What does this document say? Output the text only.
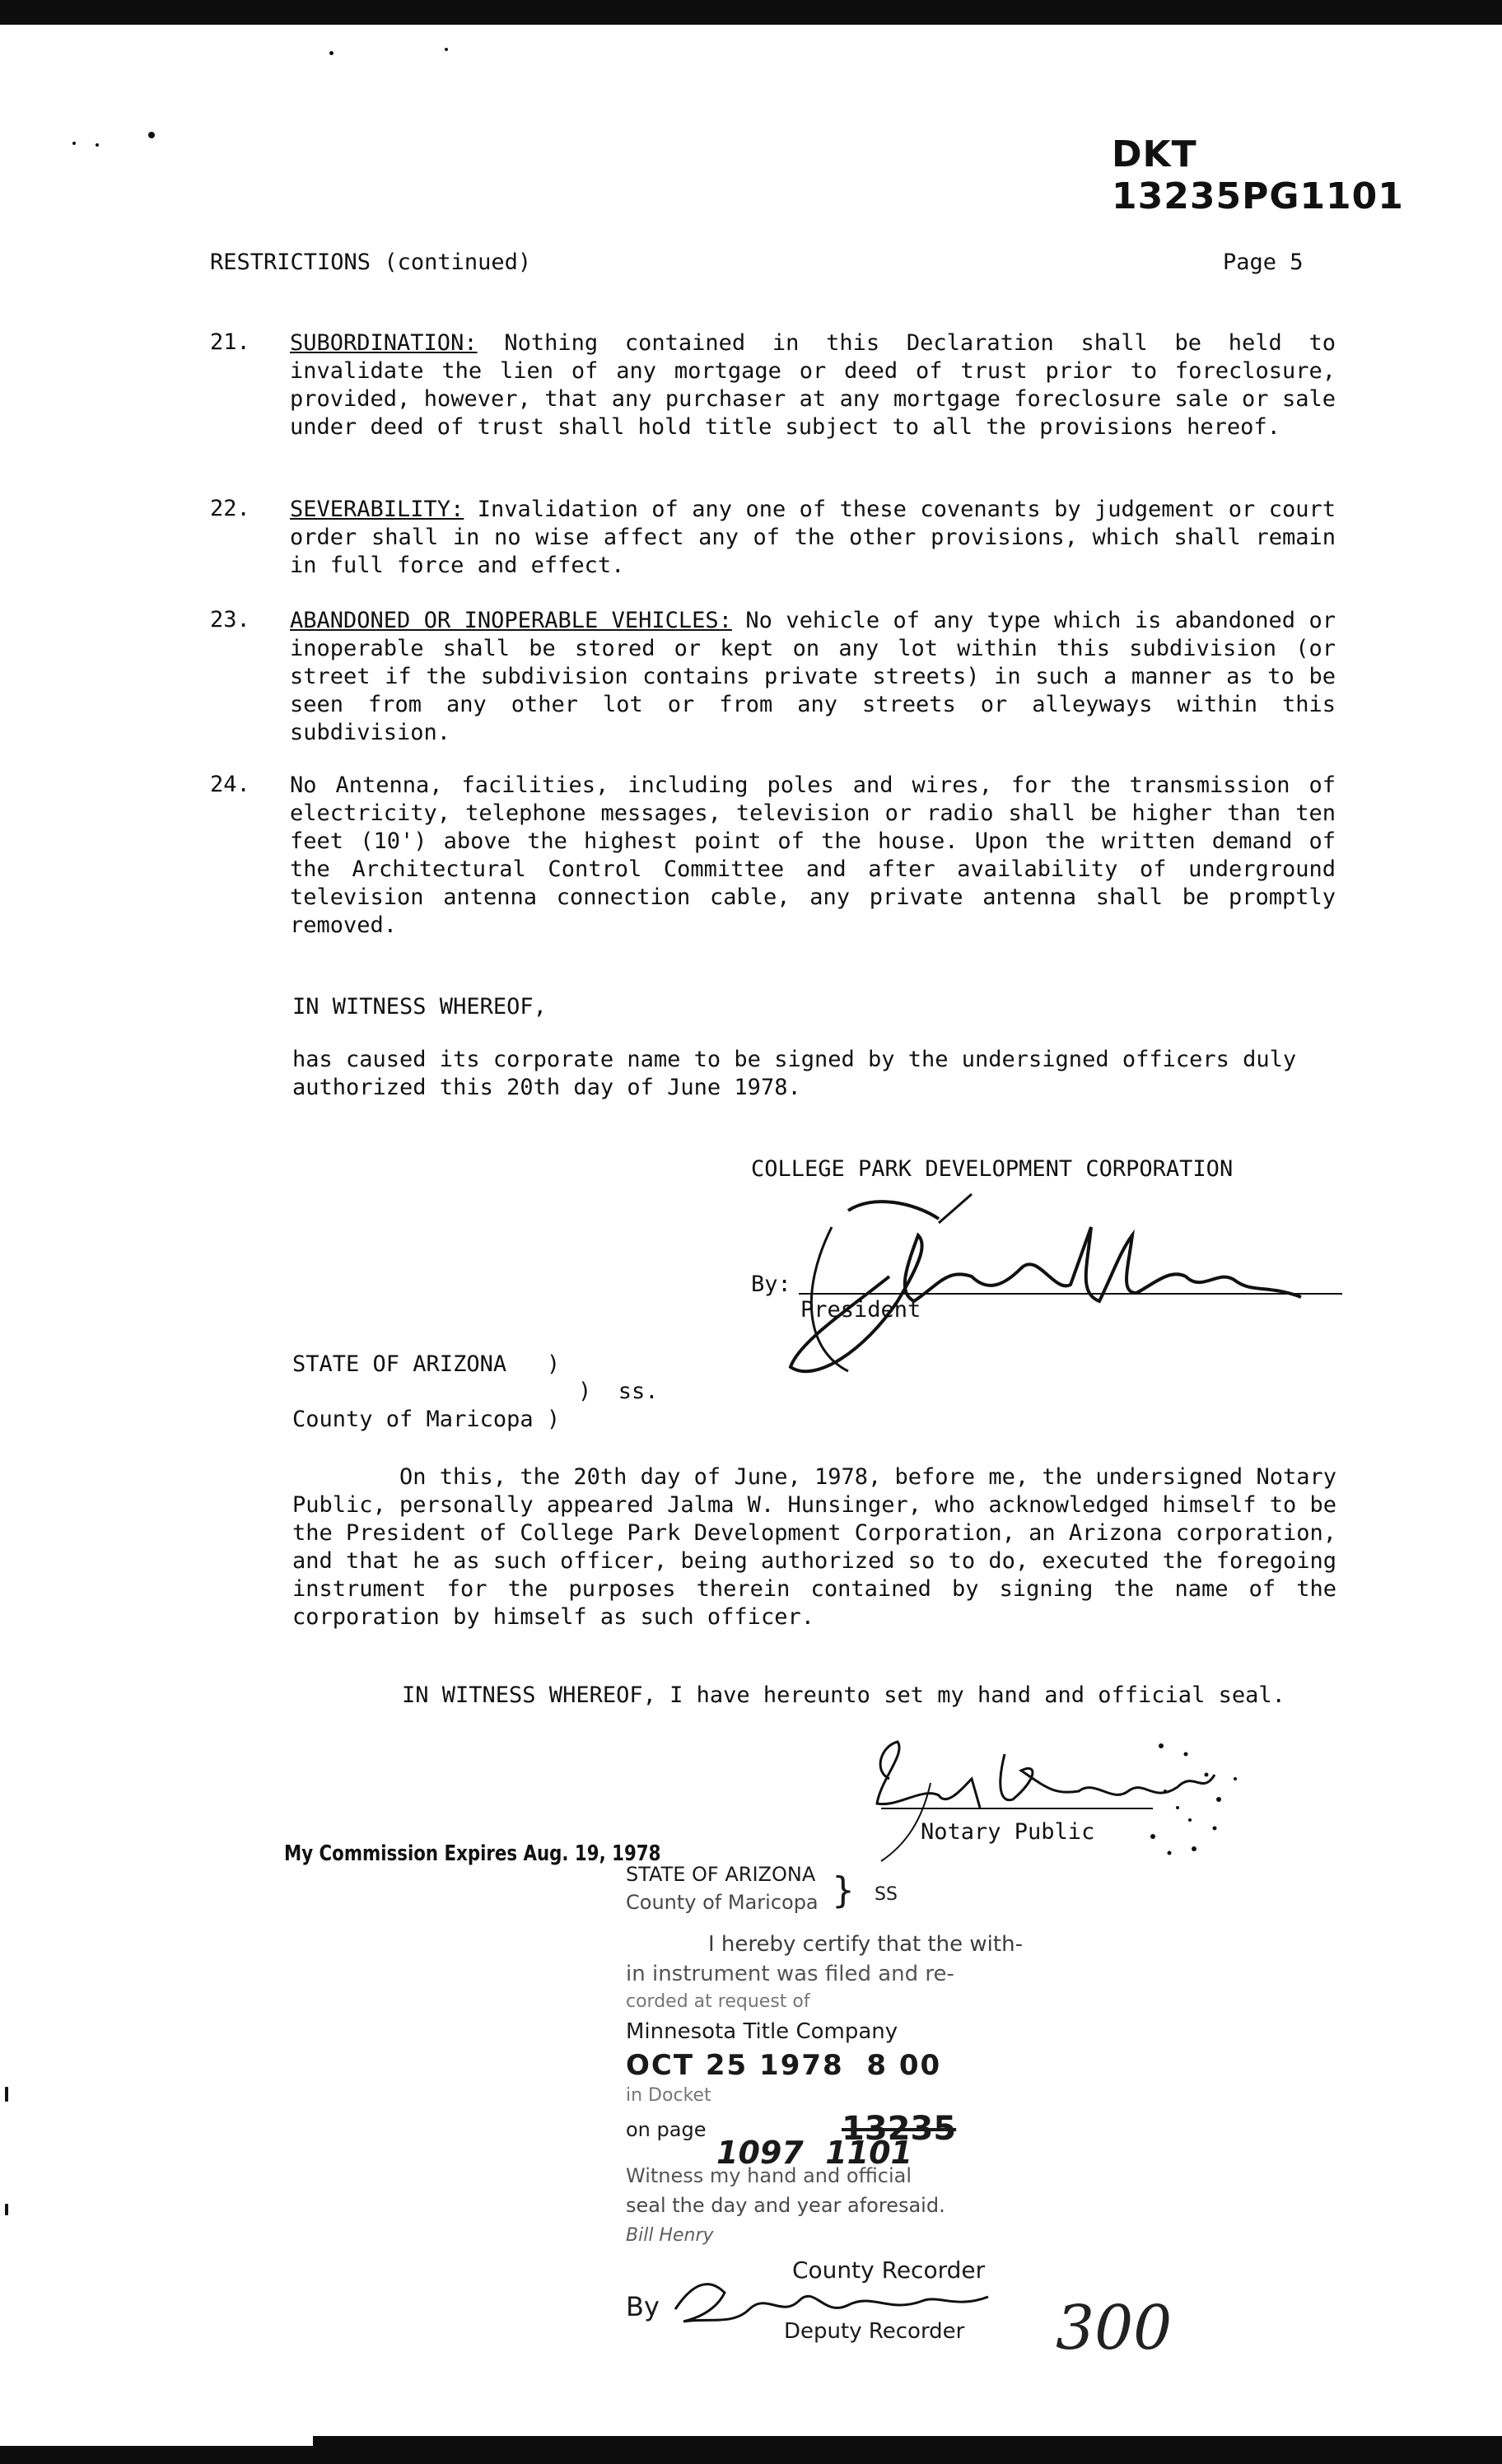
DKT 13235PG1101
RESTRICTIONS (continued)	Page 5
21. SUBORDINATION: Nothing contained in this Declaration shall be held to invalidate the lien of any mortgage or deed of trust prior to foreclosure, provided, however, that any purchaser at any mortgage foreclosure sale or sale under deed of trust shall hold title subject to all the provisions hereof.
22. SEVERABILITY: Invalidation of any one of these covenants by judgement or court order shall in no wise affect any of the other provisions, which shall remain in full force and effect.
23. ABANDONED OR INOPERABLE VEHICLES: No vehicle of any type which is abandoned or inoperable shall be stored or kept on any lot within this subdivision (or street if the subdivision contains private streets) in such a manner as to be seen from any other lot or from any streets or alleyways within this subdivision.
24. No Antenna, facilities, including poles and wires, for the transmission of electricity, telephone messages, television or radio shall be higher than ten feet (10') above the highest point of the house. Upon the written demand of the Architectural Control Committee and after availability of underground television antenna connection cable, any private antenna shall be promptly removed.
IN WITNESS WHEREOF,
has caused its corporate name to be signed by the undersigned officers duly authorized this 20th day of June 1978.
COLLEGE PARK DEVELOPMENT CORPORATION
By:
President
STATE OF ARIZONA   )
)  ss.
County of Maricopa )
On this, the 20th day of June, 1978, before me, the undersigned Notary Public, personally appeared Jalma W. Hunsinger, who acknowledged himself to be the President of College Park Development Corporation, an Arizona corporation, and that he as such officer, being authorized so to do, executed the foregoing instrument for the purposes therein contained by signing the name of the corporation by himself as such officer.
IN WITNESS WHEREOF, I have hereunto set my hand and official seal.
Notary Public
My Commission Expires Aug. 19, 1978
STATE OF ARIZONA
County of Maricopa } SS
I hereby certify that the with-
in instrument was filed and re-
corded at request of
Minnesota Title Company
OCT 25 1978  8 00
in Docket
on page	13235
1097  1101
Witness my hand and official
seal the day and year aforesaid.
Bill Henry
County Recorder
By
Deputy Recorder 300
